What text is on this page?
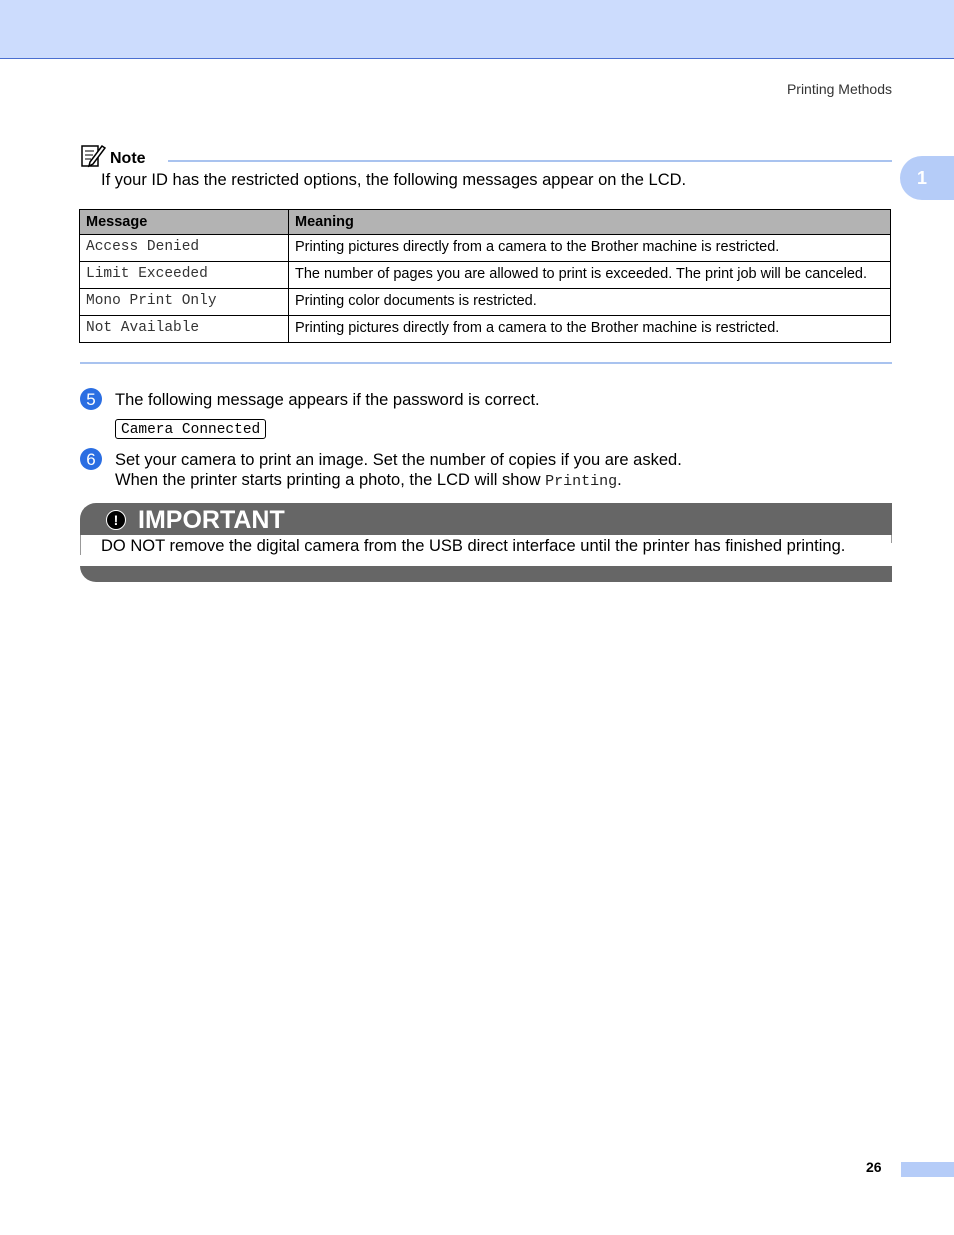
Printing Methods
1
Note
If your ID has the restricted options, the following messages appear on the LCD.
Message	Meaning
Access Denied	Printing pictures directly from a camera to the Brother machine is restricted.
Limit Exceeded	The number of pages you are allowed to print is exceeded. The print job will be canceled.
Mono Print Only	Printing color documents is restricted.
Not Available	Printing pictures directly from a camera to the Brother machine is restricted.
5	The following message appears if the password is correct.
Camera Connected
6	Set your camera to print an image. Set the number of copies if you are asked.
When the printer starts printing a photo, the LCD will show Printing.
! IMPORTANT
DO NOT remove the digital camera from the USB direct interface until the printer has finished printing.
26
